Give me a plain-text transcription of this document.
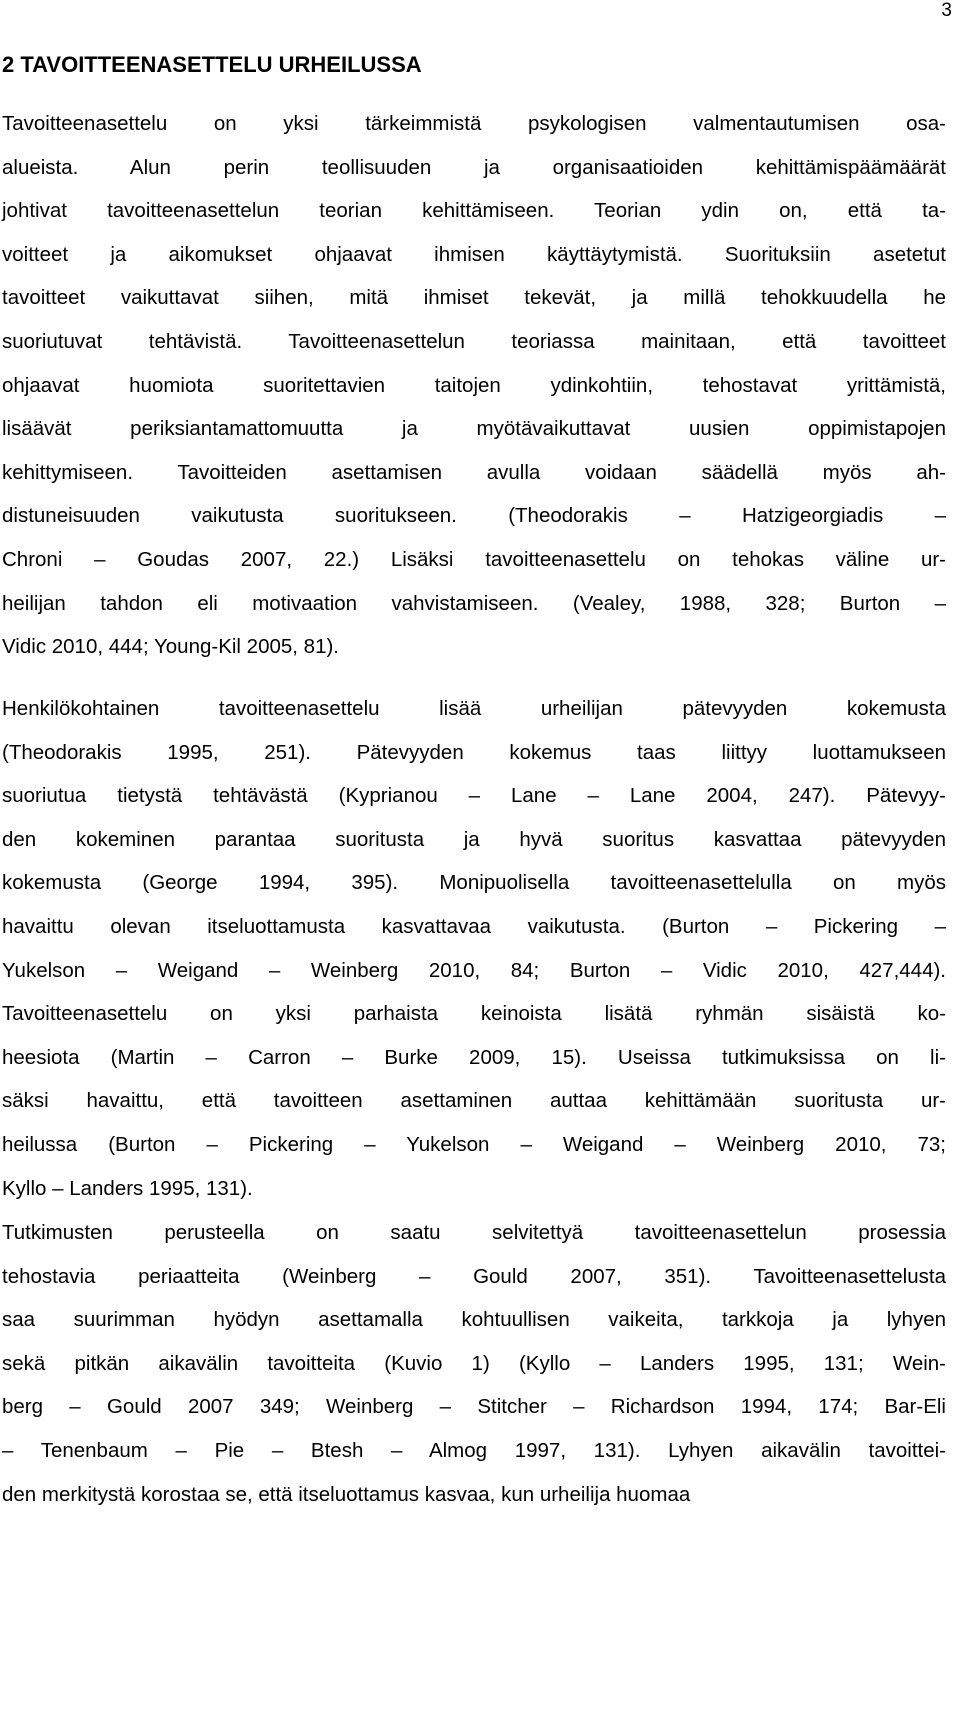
3
2 TAVOITTEENASETTELU URHEILUSSA
Tavoitteenasettelu on yksi tärkeimmistä psykologisen valmentautumisen osa-
alueista. Alun perin teollisuuden ja organisaatioiden kehittämispäämäärät
johtivat tavoitteenasettelun teorian kehittämiseen. Teorian ydin on, että ta-
voitteet ja aikomukset ohjaavat ihmisen käyttäytymistä. Suorituksiin asetetut
tavoitteet vaikuttavat siihen, mitä ihmiset tekevät, ja millä tehokkuudella he
suoriutuvat tehtävistä. Tavoitteenasettelun teoriassa mainitaan, että tavoitteet
ohjaavat huomiota suoritettavien taitojen ydinkohtiin, tehostavat yrittämistä,
lisäävät periksiantamattomuutta ja myötävaikuttavat uusien oppimistapojen
kehittymiseen. Tavoitteiden asettamisen avulla voidaan säädellä myös ah-
distuneisuuden vaikutusta suoritukseen. (Theodorakis – Hatzigeorgiadis –
Chroni – Goudas 2007, 22.) Lisäksi tavoitteenasettelu on tehokas väline ur-
heilijan tahdon eli motivaation vahvistamiseen. (Vealey, 1988, 328; Burton –
Vidic 2010, 444; Young-Kil 2005, 81).
Henkilökohtainen tavoitteenasettelu lisää urheilijan pätevyyden kokemusta
(Theodorakis 1995, 251). Pätevyyden kokemus taas liittyy luottamukseen
suoriutua tietystä tehtävästä (Kyprianou – Lane – Lane 2004, 247). Pätevyy-
den kokeminen parantaa suoritusta ja hyvä suoritus kasvattaa pätevyyden
kokemusta (George 1994, 395). Monipuolisella tavoitteenasettelulla on myös
havaittu olevan itseluottamusta kasvattavaa vaikutusta. (Burton – Pickering –
Yukelson – Weigand – Weinberg 2010, 84; Burton – Vidic 2010, 427,444).
Tavoitteenasettelu on yksi parhaista keinoista lisätä ryhmän sisäistä ko-
heesiota (Martin – Carron – Burke 2009, 15). Useissa tutkimuksissa on li-
säksi havaittu, että tavoitteen asettaminen auttaa kehittämään suoritusta ur-
heilussa (Burton – Pickering – Yukelson – Weigand – Weinberg 2010, 73;
Kyllo – Landers 1995, 131).
Tutkimusten perusteella on saatu selvitettyä tavoitteenasettelun prosessia
tehostavia periaatteita (Weinberg – Gould 2007, 351). Tavoitteenasettelusta
saa suurimman hyödyn asettamalla kohtuullisen vaikeita, tarkkoja ja lyhyen
sekä pitkän aikavälin tavoitteita (Kuvio 1) (Kyllo – Landers 1995, 131; Wein-
berg – Gould 2007 349; Weinberg – Stitcher – Richardson 1994, 174; Bar-Eli
– Tenenbaum – Pie – Btesh – Almog 1997, 131). Lyhyen aikavälin tavoittei-
den merkitystä korostaa se, että itseluottamus kasvaa, kun urheilija huomaa
